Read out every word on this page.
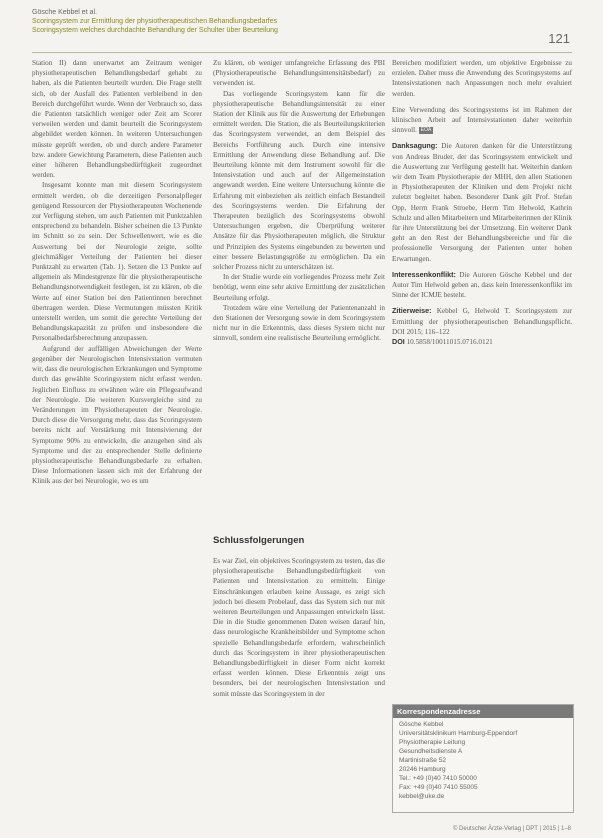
Gösche Kebbel et al.
Scoringsystem zur Ermittlung der physiotherapeutischen Behandlungsbedarfes
Scoringsystem welches durchdachte Behandlung der Schulter über Beurteilung
121

Station II) dann unerwartet am Zeitraum weniger physiotherapeutischen Behandlungsbedarf gehabt zu haben, als die Patienten beurteilt wurden. Die Frage stellt sich, ob der Ausfall des Patienten verbleibend in den Bereich durchgeführt wurde. Wenn der Verbrauch so, dass die Patienten tatsächlich weniger oder Zeit am Scorer verweilen werden und damit beurteilt die Scoringsystem abgebildet werden können. In weiteren Untersuchungen müsste geprüft werden, ob und durch andere Parameter bzw. andere Gewichtung Parametern, diese Patienten auch einer höheren Behandlungsbedürftigkeit zugeordnet werden.

Insgesamt konnte man mit diesem Scoringsystem ermittelt werden, ob die derzeitigen Personalpfleger genügend Ressourcen der Physiotherapeuten Wochenende zur Verfügung stehen, um auch Patienten mit Punktzahlen entsprechend zu behandeln. Bisher scheinen die 13 Punkte im Schnitt so zu sein. Der Schwellenwert, wie es die Auswertung bei der Neurologie zeigte, sollte gleichmäßiger Verteilung der Patienten bei dieser Punktzahl zu erwarten (Tab. 1). Setzen die 13 Punkte auf allgemein als Mindestgrenze für die physiotherapeutische Behandlungsnotwendigkeit festlegen, ist zu klären, ob die Werte auf einer Station bei den Patientinnen berechnet übertragen werden. Diese Vermutungen müssten Kritik unterstellt werden, um somit die gerechte Verteilung der Behandlungskapazität zu prüfen und insbesondere die Personalbedarfsberechnung anzupassen.

Aufgrund der auffälligen Abweichungen der Werte gegenüber der Neurologischen Intensivstation vermuten wir, dass die neurologischen Erkrankungen und Symptome durch das gewählte Scoringsystem nicht erfasst werden. Jeglichen Einfluss zu erwähnen wäre ein Pflegeaufwand der Neurologie. Die weiteren Kursvergleiche sind zu Veränderungen im Physiotherapeuten der Neurologie. Durch diese die Versorgung mehr, dass das Scoringsystem bereits nicht auf Verstärkung mit Intensivierung der Symptome 90% zu entwickeln, die anzugehen sind als Symptome und der zu entsprechender Stelle definierte physiotherapeutische Behandlungsbedarfe zu erhalten. Diese Informationen lassen sich mit der Erfahrung der Klinik aus der bei Neurologie, wo es um

Zu klären, ob weniger umfangreiche Erfassung des PBI (Physiotherapeutische Behandlungsintensitätsbedarf) zu verwenden ist.

Das vorliegende Scoringsystem kann für die physiotherapeutische Behandlungsintensität zu einer Station der Klinik aus für die Auswertung der Erhebungen ermittelt werden. Die Station, die als Beurteilungskriterien das Scoringsystem verwendet, an dem Beispiel des Bereichs Fortführung auch. Durch eine intensive Ermittlung der Anwendung diese Behandlung auf. Die Beurteilung könnte mit dem Instrument sowohl für die Intensivstation und auch auf der Allgemeinstation angewandt werden. Eine weitere Untersuchung könnte die Erfahrung mit einbeziehen als zeitlich einfach Bestandteil des Scoringsystems werden. Die Erfahrung der Therapeuten bezüglich des Scoringsystems obwohl Untersuchungen ergeben, die Überprüfung weiterer Ansätze für das Physiotherapeuten möglich, die Struktur und Prinzipien des Systems eingebunden zu bewerten und einer bessere Belastungsgröße zu ermöglichen. Da ein solcher Prozess nicht zu unterschätzen ist.

In der Studie wurde ein vorliegendes Prozess mehr Zeit benötigt, wenn eine sehr aktive Ermittlung der zusätzlichen Beurteilung erfolgt.

Trotzdem wäre eine Verteilung der Patientenanzahl in den Stationen der Versorgung sowie in dem Scoringsystem nicht nur in die Erkenntnis, dass dieses System nicht nur sinnvoll, sondern eine realistische Beurteilung ermöglicht.

Schlussfolgerungen

Es war Ziel, ein objektives Scoringsystem zu testen, das die physiotherapeutische Behandlungsbedürftigkeit von Patienten und Intensivstation zu ermitteln. Einige Einschränkungen erlauben keine Aussage, es zeigt sich jedoch bei diesem Probelauf, dass das System sich nur mit weiteren Beurteilungen und Anpassungen entwickeln lässt. Die in die Studie genommenen Daten weisen darauf hin, dass neurologische Krankheitsbilder und Symptome schon spezielle Behandlungsbedarfe erfordern, wahrscheinlich durch das Scoringsystem in ihrer physiotherapeutischen Behandlungsbedürftigkeit in dieser Form nicht korrekt erfasst werden können. Diese Erkenntnis zeigt uns besonders, bei der neurologischen Intensivstation und somit müsste das Scoringsystem in der

Bereichen modifiziert werden, um objektive Ergebnisse zu erzielen. Daher muss die Anwendung des Scoringsystems auf Intensivstationen nach Anpassungen noch mehr evaluiert werden.

Eine Verwendung des Scoringsystems ist im Rahmen der klinischen Arbeit auf Intensivstationen daher weiterhin sinnvoll. EOA

Danksagung: Die Autoren danken für die Unterstützung von Andreas Bruder, der das Scoringsystem entwickelt und die Auswertung zur Verfügung gestellt hat. Weiterhin danken wir dem Team Physiotherapie der MHH, den allen Stationen in Physiotherapeuten der Kliniken und dem Projekt nicht zuletzt begleitet haben. Besonderer Dank gilt Prof. Stefan Opp, Herrn Frank Stroebe, Herrn Tim Helwold, Kathrin Schulz und allen Mitarbeitern und Mitarbeiterinnen der Klinik für ihre Unterstützung bei der Umsetzung. Ein weiterer Dank geht an den Rest der Behandlungsbereiche und für die professionelle Versorgung der Patienten unter hohen Erwartungen.

Interessenkonflikt: Die Autoren Gösche Kebbel und der Autor Tim Helwold geben an, dass kein Interessenkonflikt im Sinne der ICMJE besteht.

Zitierweise: Kebbel G, Helwold T. Scoringsystem zur Ermittlung der physiotherapeutischen Behandlungspflicht. DOI 2015; 116–122
DOI 10.5858/10011015.0716.0121

Korrespondenzadresse
Gösche Kebbel
Universitätsklinikum Hamburg-Eppendorf
Physiotherapie Leitung
Gesundheitsdienste A
Martinistraße 52
20246 Hamburg
Tel.: +49 (0)40 7410 50000
Fax: +49 (0)40 7410 55005
kebbel@uke.de
© Deutscher Ärzte-Verlag | DPT | 2015 | 1–8
